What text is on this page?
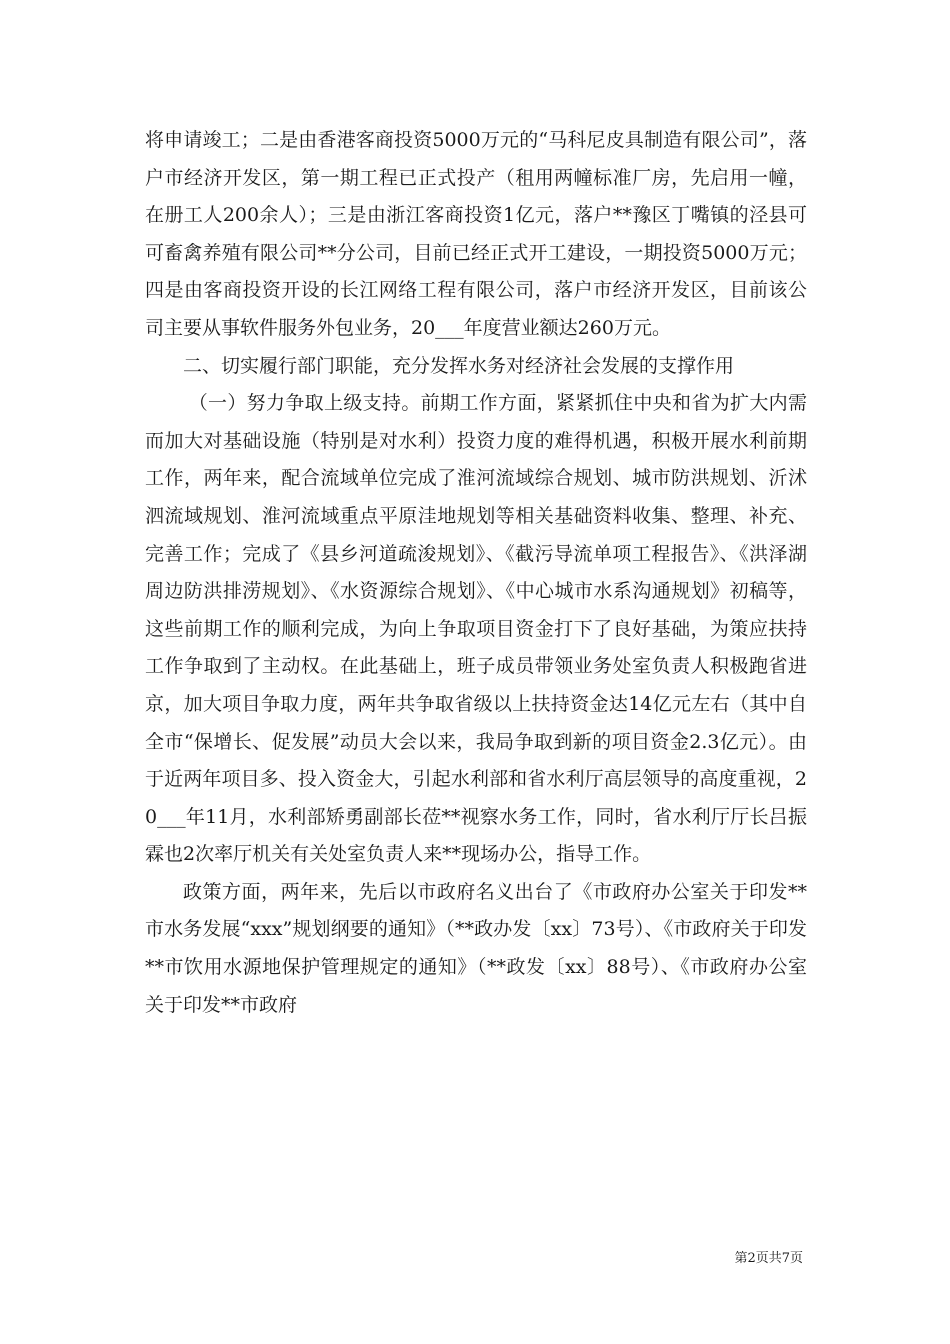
将申请竣工；二是由香港客商投资5000万元的“马科尼皮具制造有限公司”，落户市经济开发区，第一期工程已正式投产（租用两幢标准厂房，先启用一幢，在册工人200余人）；三是由浙江客商投资1亿元，落户**豫区丁嘴镇的泾县可可畜禽养殖有限公司**分公司，目前已经正式开工建设，一期投资5000万元；四是由客商投资开设的长江网络工程有限公司，落户市经济开发区，目前该公司主要从事软件服务外包业务，20___年度营业额达260万元。

二、切实履行部门职能，充分发挥水务对经济社会发展的支撑作用

（一）努力争取上级支持。前期工作方面，紧紧抓住中央和省为扩大内需而加大对基础设施（特别是对水利）投资力度的难得机遇，积极开展水利前期工作，两年来，配合流域单位完成了淮河流域综合规划、城市防洪规划、沂沭泗流域规划、淮河流域重点平原洼地规划等相关基础资料收集、整理、补充、完善工作；完成了《县乡河道疏浚规划》、《截污导流单项工程报告》、《洪泽湖周边防洪排涝规划》、《水资源综合规划》、《中心城市水系沟通规划》初稿等，这些前期工作的顺利完成，为向上争取项目资金打下了良好基础，为策应扶持工作争取到了主动权。在此基础上，班子成员带领业务处室负责人积极跑省进京，加大项目争取力度，两年共争取省级以上扶持资金达14亿元左右（其中自全市“保增长、促发展”动员大会以来，我局争取到新的项目资金2.3亿元）。由于近两年项目多、投入资金大，引起水利部和省水利厅高层领导的高度重视，20___年11月，水利部矫勇副部长莅**视察水务工作，同时，省水利厅厅长吕振霖也2次率厅机关有关处室负责人来**现场办公，指导工作。

政策方面，两年来，先后以市政府名义出台了《市政府办公室关于印发**市水务发展“xxx”规划纲要的通知》（**政办发〔xx〕73号）、《市政府关于印发**市饮用水源地保护管理规定的通知》（**政发〔xx〕88号）、《市政府办公室关于印发**市政府

第2页共7页
